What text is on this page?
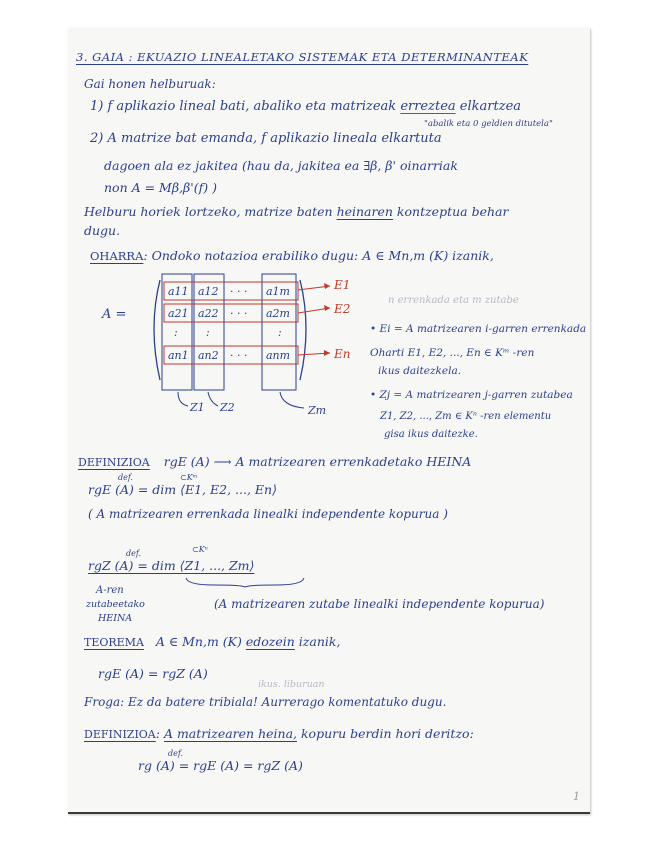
3. GAIA : EKUAZIO LINEALETAKO SISTEMAK ETA DETERMINANTEAK
Gai honen helburuak:
1) f aplikazio lineal bati, abaliko eta matrizeak erreztea elkartzea
"abalik eta 0 geldien ditutela"
2) A matrize bat emanda, f aplikazio lineala elkartuta
dagoen ala ez jakitea (hau da, jakitea ea ∃β, β' oinarriak
non A = Mβ,β'(f) )
Helburu horiek lortzeko, matrize baten heinaren kontzeptua behar
dugu.
OHARRA: Ondoko notazioa erabiliko dugu: A ∈ Mn,m (K) izanik,
A =
a11 a12 · · · a1m
a21 a22 · · · a2m
:	:	:
an1 an2 · · · anm
E1
E2
En
Z1 Z2	Zm
n errenkada eta m zutabe
• Ei = A matrizearen i-garren errenkada
Oharti E1, E2, ..., En ∈ Kᵐ -ren
ikus daitezkela.
• Zj = A matrizearen j-garren zutabea
Z1, Z2, ..., Zm ∈ Kⁿ -ren elementu
gisa ikus daitezke.
DEFINIZIOA rgE (A) ⟶ A matrizearen errenkadetako HEINA
def.	⊂Kᵐ
rgE (A) = dim ⟨E1, E2, ..., En⟩
( A matrizearen errenkada linealki independente kopurua )
def.	⊂Kⁿ
rgZ (A) = dim ⟨Z1, ..., Zm⟩
A-ren
zutabeetako
HEINA
(A matrizearen zutabe linealki independente kopurua)
TEOREMA A ∈ Mn,m (K) edozein izanik,
rgE (A) = rgZ (A)
ikus. liburuan
Froga: Ez da batere tribiala! Aurrerago komentatuko dugu.
DEFINIZIOA: A matrizearen heina, kopuru berdin hori deritzo:
def.
rg (A) = rgE (A) = rgZ (A)
1
